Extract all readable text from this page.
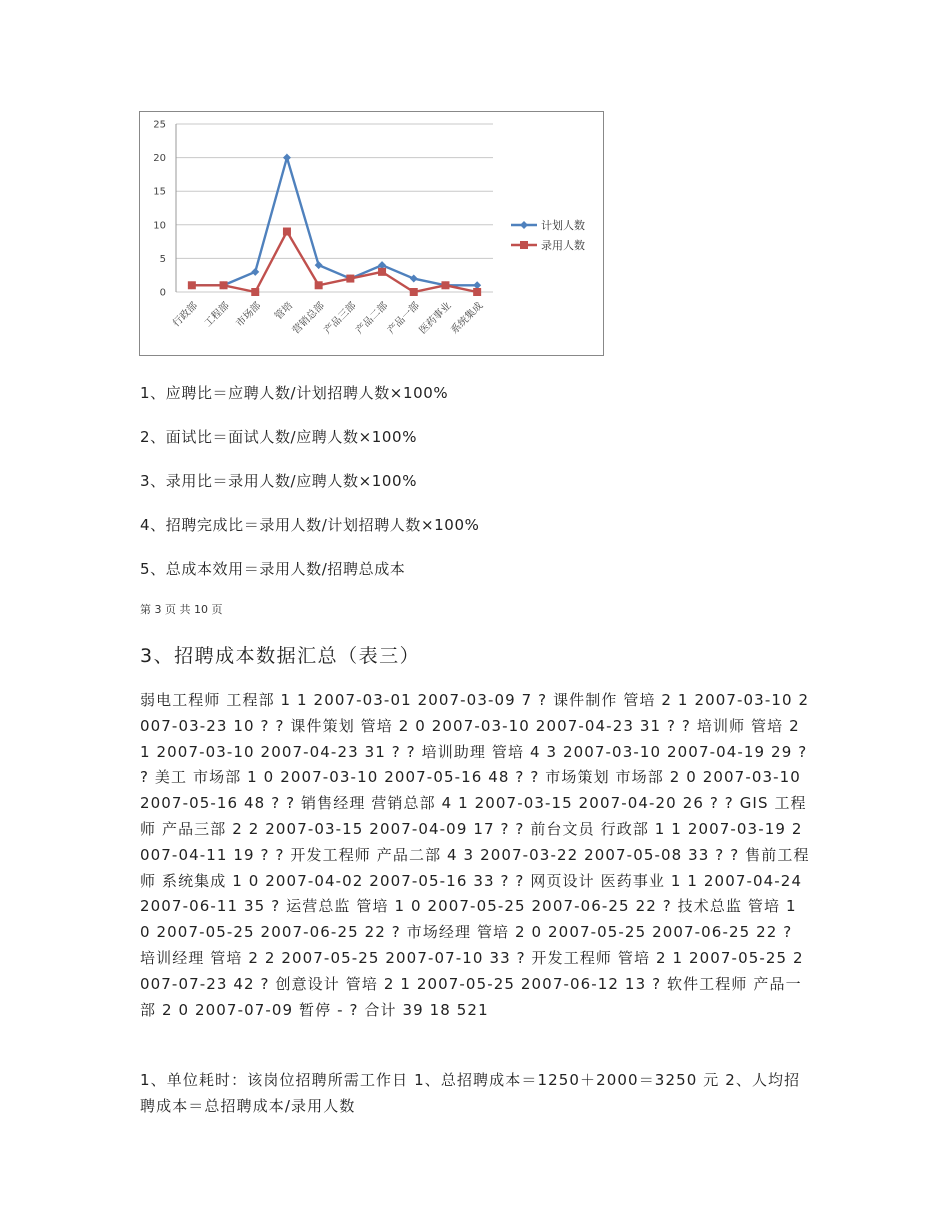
0
5
10
15
20
25
行政部 工程部 市场部 管培
营销总部
产品三部
产品二部
产品一部
医药事业
系统集成
计划人数
录用人数
1、应聘比＝应聘人数/计划招聘人数×100%
2、面试比＝面试人数/应聘人数×100%
3、录用比＝录用人数/应聘人数×100%
4、招聘完成比＝录用人数/计划招聘人数×100%
5、总成本效用＝录用人数/招聘总成本
第 3 页 共 10 页
3、招聘成本数据汇总（表三）
弱电工程师 工程部 1 1 2007-03-01 2007-03-09 7 ? 课件制作 管培 2 1 2007-03-10 2007-03-23 10 ? ? 课件策划 管培 2 0 2007-03-10 2007-04-23 31 ? ? 培训师 管培 2 1 2007-03-10 2007-04-23 31 ? ? 培训助理 管培 4 3 2007-03-10 2007-04-19 29 ? ? 美工 市场部 1 0 2007-03-10 2007-05-16 48 ? ? 市场策划 市场部 2 0 2007-03-10 2007-05-16 48 ? ? 销售经理 营销总部 4 1 2007-03-15 2007-04-20 26 ? ? GIS 工程师 产品三部 2 2 2007-03-15 2007-04-09 17 ? ? 前台文员 行政部 1 1 2007-03-19 2007-04-11 19 ? ? 开发工程师 产品二部 4 3 2007-03-22 2007-05-08 33 ? ? 售前工程师 系统集成 1 0 2007-04-02 2007-05-16 33 ? ? 网页设计 医药事业 1 1 2007-04-24 2007-06-11 35 ? 运营总监 管培 1 0 2007-05-25 2007-06-25 22 ? 技术总监 管培 1 0 2007-05-25 2007-06-25 22 ? 市场经理 管培 2 0 2007-05-25 2007-06-25 22 ? 培训经理 管培 2 2 2007-05-25 2007-07-10 33 ? 开发工程师 管培 2 1 2007-05-25 2007-07-23 42 ? 创意设计 管培 2 1 2007-05-25 2007-06-12 13 ? 软件工程师 产品一部 2 0 2007-07-09 暂停 - ? 合计 39 18 521
1、单位耗时：该岗位招聘所需工作日 1、总招聘成本＝1250＋2000＝3250 元 2、人均招聘成本＝总招聘成本/录用人数
